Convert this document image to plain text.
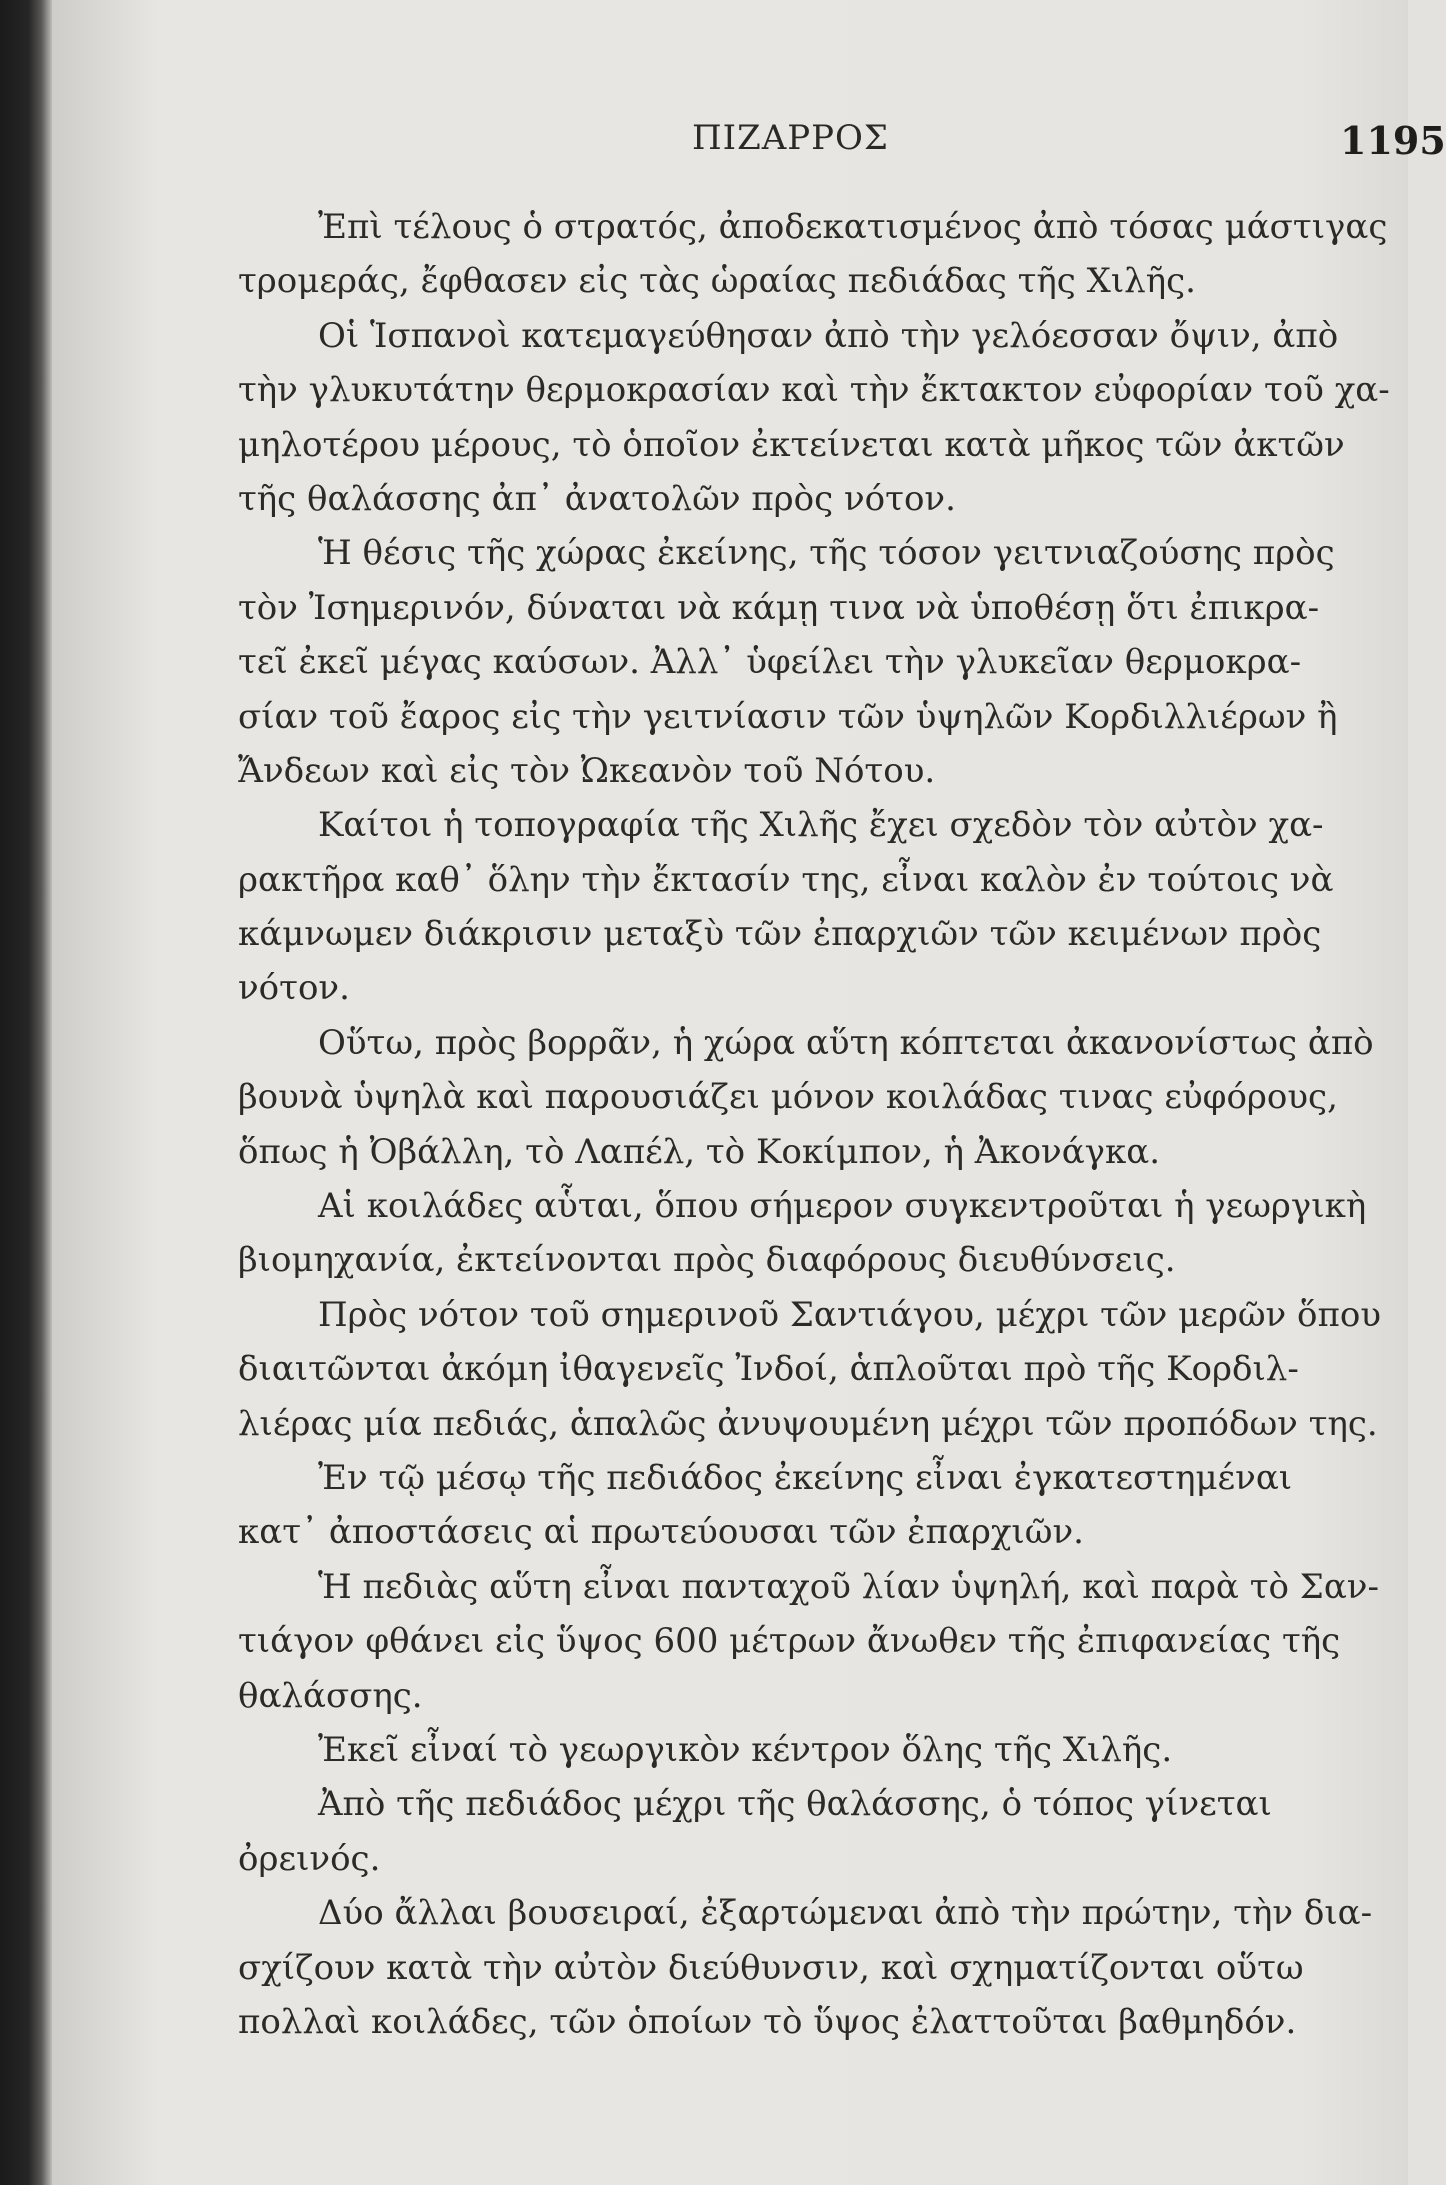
ΠΙΖΑΡΡΟΣ	1195
Ἐπὶ τέλους ὁ στρατός, ἀποδεκατισμένος ἀπὸ τόσας μάστιγας
τρομεράς, ἔφθασεν εἰς τὰς ὡραίας πεδιάδας τῆς Χιλῆς.
Οἱ Ἱσπανοὶ κατεμαγεύθησαν ἀπὸ τὴν γελόεσσαν ὄψιν, ἀπὸ
τὴν γλυκυτάτην θερμοκρασίαν καὶ τὴν ἔκτακτον εὐφορίαν τοῦ χα-
μηλοτέρου μέρους, τὸ ὁποῖον ἐκτείνεται κατὰ μῆκος τῶν ἀκτῶν
τῆς θαλάσσης ἀπ᾽ ἀνατολῶν πρὸς νότον.
Ἡ θέσις τῆς χώρας ἐκείνης, τῆς τόσον γειτνιαζούσης πρὸς
τὸν Ἰσημερινόν, δύναται νὰ κάμῃ τινα νὰ ὑποθέσῃ ὅτι ἐπικρα-
τεῖ ἐκεῖ μέγας καύσων. Ἀλλ᾽ ὑφείλει τὴν γλυκεῖαν θερμοκρα-
σίαν τοῦ ἔαρος εἰς τὴν γειτνίασιν τῶν ὑψηλῶν Κορδιλλιέρων ἢ
Ἄνδεων καὶ εἰς τὸν Ὠκεανὸν τοῦ Νότου.
Καίτοι ἡ τοπογραφία τῆς Χιλῆς ἔχει σχεδὸν τὸν αὐτὸν χα-
ρακτῆρα καθ᾽ ὅλην τὴν ἔκτασίν της, εἶναι καλὸν ἐν τούτοις νὰ
κάμνωμεν διάκρισιν μεταξὺ τῶν ἐπαρχιῶν τῶν κειμένων πρὸς
νότον.
Οὕτω, πρὸς βορρᾶν, ἡ χώρα αὕτη κόπτεται ἀκανονίστως ἀπὸ
βουνὰ ὑψηλὰ καὶ παρουσιάζει μόνον κοιλάδας τινας εὐφόρους,
ὅπως ἡ Ὀβάλλη, τὸ Λαπέλ, τὸ Κοκίμπον, ἡ Ἀκονάγκα.
Αἱ κοιλάδες αὗται, ὅπου σήμερον συγκεντροῦται ἡ γεωργικὴ
βιομηχανία, ἐκτείνονται πρὸς διαφόρους διευθύνσεις.
Πρὸς νότον τοῦ σημερινοῦ Σαντιάγου, μέχρι τῶν μερῶν ὅπου
διαιτῶνται ἀκόμη ἰθαγενεῖς Ἰνδοί, ἁπλοῦται πρὸ τῆς Κορδιλ-
λιέρας μία πεδιάς, ἁπαλῶς ἀνυψουμένη μέχρι τῶν προπόδων της.
Ἐν τῷ μέσῳ τῆς πεδιάδος ἐκείνης εἶναι ἐγκατεστημέναι
κατ᾽ ἀποστάσεις αἱ πρωτεύουσαι τῶν ἐπαρχιῶν.
Ἡ πεδιὰς αὕτη εἶναι πανταχοῦ λίαν ὑψηλή, καὶ παρὰ τὸ Σαν-
τιάγον φθάνει εἰς ὕψος 600 μέτρων ἄνωθεν τῆς ἐπιφανείας τῆς
θαλάσσης.
Ἐκεῖ εἶναί τὸ γεωργικὸν κέντρον ὅλης τῆς Χιλῆς.
Ἀπὸ τῆς πεδιάδος μέχρι τῆς θαλάσσης, ὁ τόπος γίνεται
ὀρεινός.
Δύο ἄλλαι βουσειραί, ἐξαρτώμεναι ἀπὸ τὴν πρώτην, τὴν δια-
σχίζουν κατὰ τὴν αὐτὸν διεύθυνσιν, καὶ σχηματίζονται οὕτω
πολλαὶ κοιλάδες, τῶν ὁποίων τὸ ὕψος ἐλαττοῦται βαθμηδόν.
